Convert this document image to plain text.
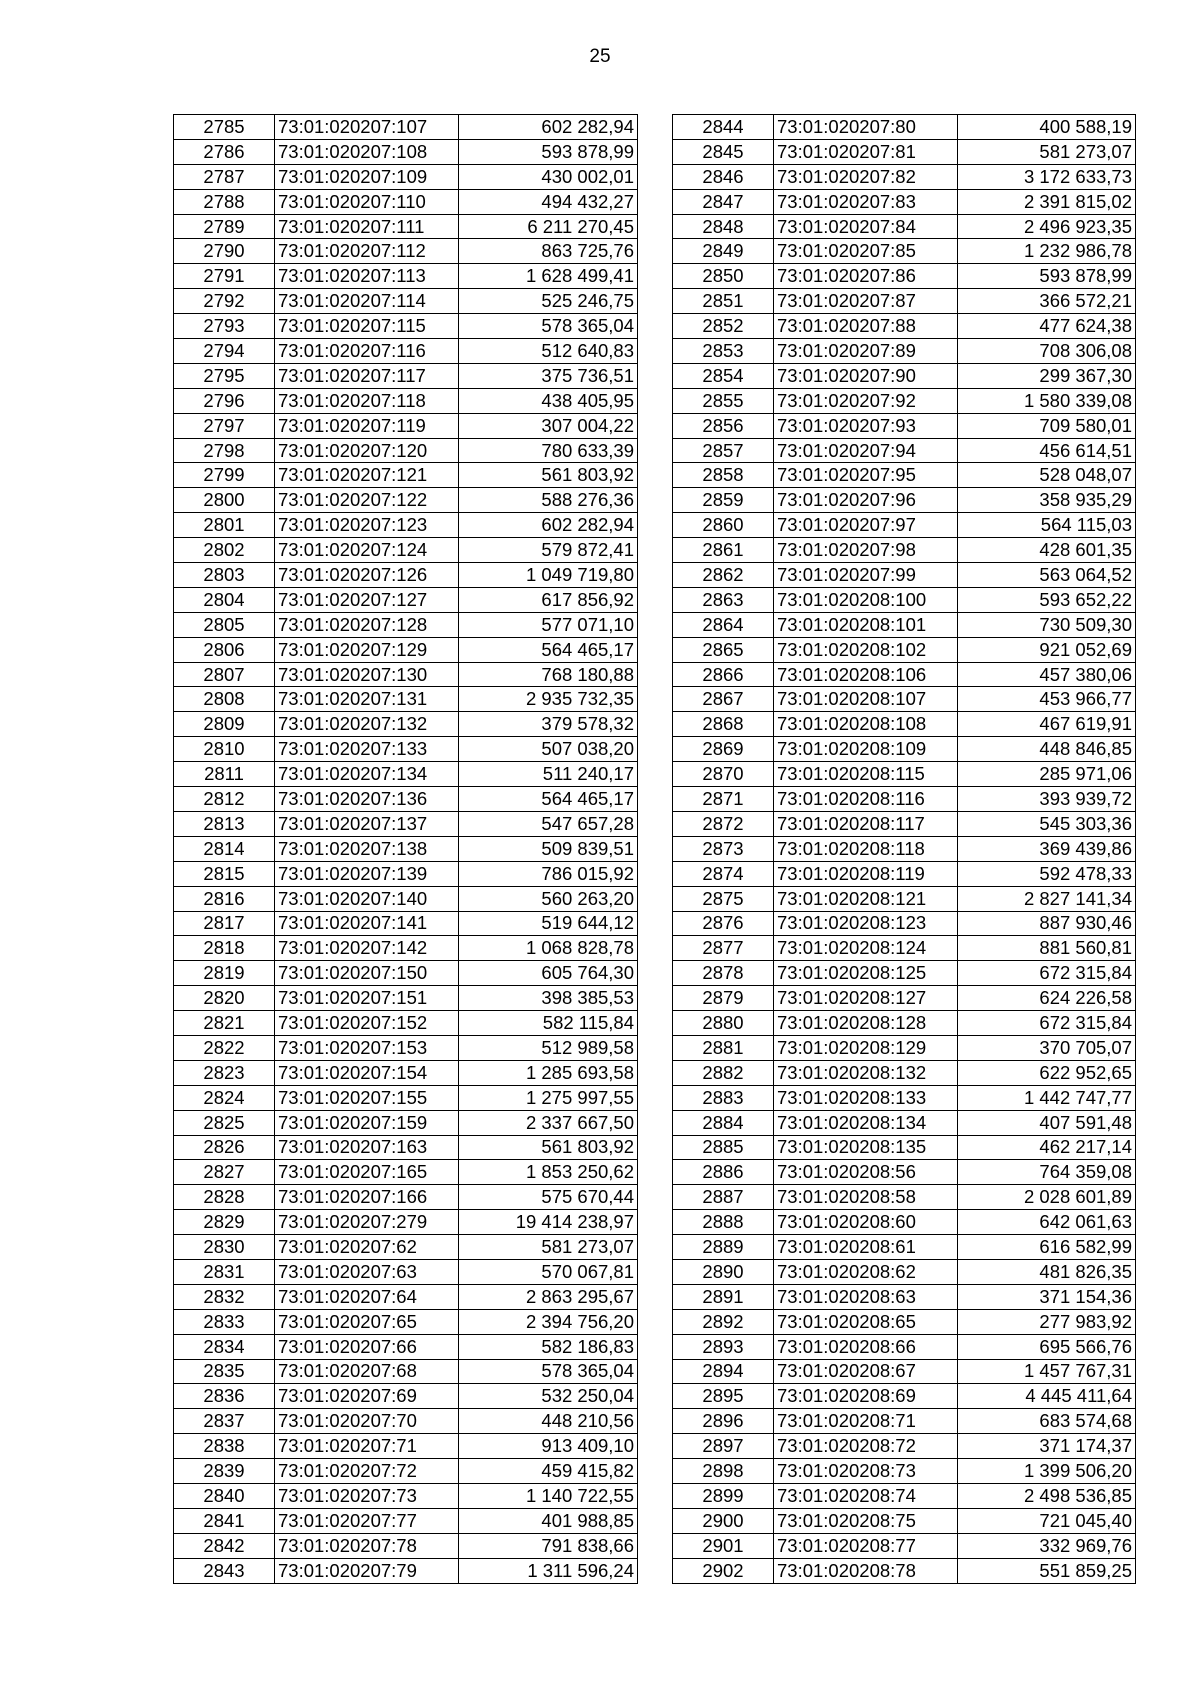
25
2785	73:01:020207:107	602 282,94
2786	73:01:020207:108	593 878,99
2787	73:01:020207:109	430 002,01
2788	73:01:020207:110	494 432,27
2789	73:01:020207:111	6 211 270,45
2790	73:01:020207:112	863 725,76
2791	73:01:020207:113	1 628 499,41
2792	73:01:020207:114	525 246,75
2793	73:01:020207:115	578 365,04
2794	73:01:020207:116	512 640,83
2795	73:01:020207:117	375 736,51
2796	73:01:020207:118	438 405,95
2797	73:01:020207:119	307 004,22
2798	73:01:020207:120	780 633,39
2799	73:01:020207:121	561 803,92
2800	73:01:020207:122	588 276,36
2801	73:01:020207:123	602 282,94
2802	73:01:020207:124	579 872,41
2803	73:01:020207:126	1 049 719,80
2804	73:01:020207:127	617 856,92
2805	73:01:020207:128	577 071,10
2806	73:01:020207:129	564 465,17
2807	73:01:020207:130	768 180,88
2808	73:01:020207:131	2 935 732,35
2809	73:01:020207:132	379 578,32
2810	73:01:020207:133	507 038,20
2811	73:01:020207:134	511 240,17
2812	73:01:020207:136	564 465,17
2813	73:01:020207:137	547 657,28
2814	73:01:020207:138	509 839,51
2815	73:01:020207:139	786 015,92
2816	73:01:020207:140	560 263,20
2817	73:01:020207:141	519 644,12
2818	73:01:020207:142	1 068 828,78
2819	73:01:020207:150	605 764,30
2820	73:01:020207:151	398 385,53
2821	73:01:020207:152	582 115,84
2822	73:01:020207:153	512 989,58
2823	73:01:020207:154	1 285 693,58
2824	73:01:020207:155	1 275 997,55
2825	73:01:020207:159	2 337 667,50
2826	73:01:020207:163	561 803,92
2827	73:01:020207:165	1 853 250,62
2828	73:01:020207:166	575 670,44
2829	73:01:020207:279	19 414 238,97
2830	73:01:020207:62	581 273,07
2831	73:01:020207:63	570 067,81
2832	73:01:020207:64	2 863 295,67
2833	73:01:020207:65	2 394 756,20
2834	73:01:020207:66	582 186,83
2835	73:01:020207:68	578 365,04
2836	73:01:020207:69	532 250,04
2837	73:01:020207:70	448 210,56
2838	73:01:020207:71	913 409,10
2839	73:01:020207:72	459 415,82
2840	73:01:020207:73	1 140 722,55
2841	73:01:020207:77	401 988,85
2842	73:01:020207:78	791 838,66
2843	73:01:020207:79	1 311 596,24
2844	73:01:020207:80	400 588,19
2845	73:01:020207:81	581 273,07
2846	73:01:020207:82	3 172 633,73
2847	73:01:020207:83	2 391 815,02
2848	73:01:020207:84	2 496 923,35
2849	73:01:020207:85	1 232 986,78
2850	73:01:020207:86	593 878,99
2851	73:01:020207:87	366 572,21
2852	73:01:020207:88	477 624,38
2853	73:01:020207:89	708 306,08
2854	73:01:020207:90	299 367,30
2855	73:01:020207:92	1 580 339,08
2856	73:01:020207:93	709 580,01
2857	73:01:020207:94	456 614,51
2858	73:01:020207:95	528 048,07
2859	73:01:020207:96	358 935,29
2860	73:01:020207:97	564 115,03
2861	73:01:020207:98	428 601,35
2862	73:01:020207:99	563 064,52
2863	73:01:020208:100	593 652,22
2864	73:01:020208:101	730 509,30
2865	73:01:020208:102	921 052,69
2866	73:01:020208:106	457 380,06
2867	73:01:020208:107	453 966,77
2868	73:01:020208:108	467 619,91
2869	73:01:020208:109	448 846,85
2870	73:01:020208:115	285 971,06
2871	73:01:020208:116	393 939,72
2872	73:01:020208:117	545 303,36
2873	73:01:020208:118	369 439,86
2874	73:01:020208:119	592 478,33
2875	73:01:020208:121	2 827 141,34
2876	73:01:020208:123	887 930,46
2877	73:01:020208:124	881 560,81
2878	73:01:020208:125	672 315,84
2879	73:01:020208:127	624 226,58
2880	73:01:020208:128	672 315,84
2881	73:01:020208:129	370 705,07
2882	73:01:020208:132	622 952,65
2883	73:01:020208:133	1 442 747,77
2884	73:01:020208:134	407 591,48
2885	73:01:020208:135	462 217,14
2886	73:01:020208:56	764 359,08
2887	73:01:020208:58	2 028 601,89
2888	73:01:020208:60	642 061,63
2889	73:01:020208:61	616 582,99
2890	73:01:020208:62	481 826,35
2891	73:01:020208:63	371 154,36
2892	73:01:020208:65	277 983,92
2893	73:01:020208:66	695 566,76
2894	73:01:020208:67	1 457 767,31
2895	73:01:020208:69	4 445 411,64
2896	73:01:020208:71	683 574,68
2897	73:01:020208:72	371 174,37
2898	73:01:020208:73	1 399 506,20
2899	73:01:020208:74	2 498 536,85
2900	73:01:020208:75	721 045,40
2901	73:01:020208:77	332 969,76
2902	73:01:020208:78	551 859,25
